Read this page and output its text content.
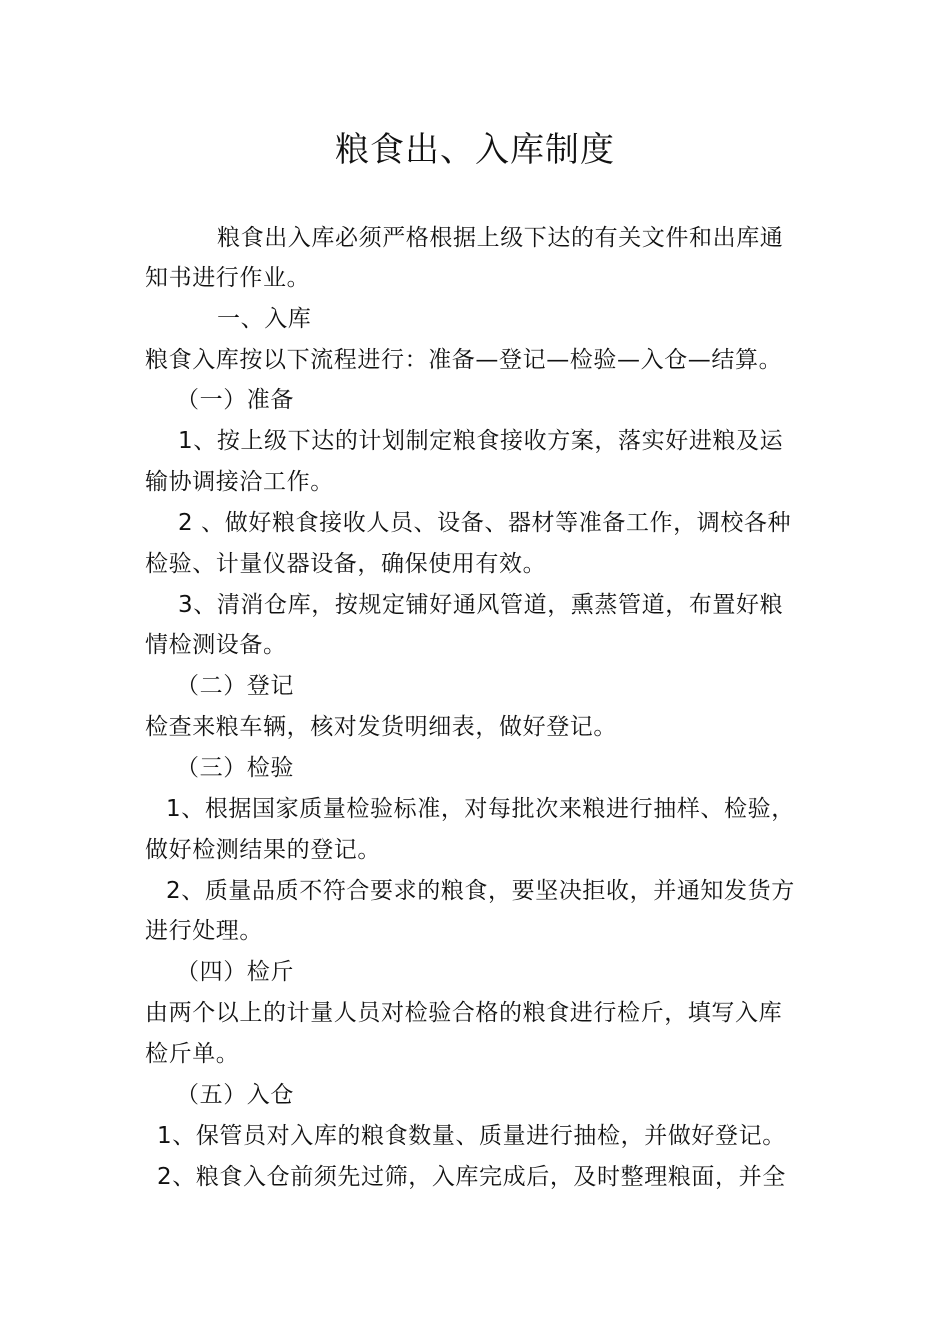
粮食出、入库制度
粮食出入库必须严格根据上级下达的有关文件和出库通
知书进行作业。
一、入库
粮食入库按以下流程进行：准备—登记—检验—入仓—结算。
（一）准备
1、按上级下达的计划制定粮食接收方案，落实好进粮及运
输协调接洽工作。
2 、做好粮食接收人员、设备、器材等准备工作，调校各种
检验、计量仪器设备，确保使用有效。
3、清消仓库，按规定铺好通风管道，熏蒸管道，布置好粮
情检测设备。
（二）登记
检查来粮车辆，核对发货明细表，做好登记。
（三）检验
1、根据国家质量检验标准，对每批次来粮进行抽样、检验，
做好检测结果的登记。
2、质量品质不符合要求的粮食，要坚决拒收，并通知发货方
进行处理。
（四）检斤
由两个以上的计量人员对检验合格的粮食进行检斤，填写入库
检斤单。
（五）入仓
1、保管员对入库的粮食数量、质量进行抽检，并做好登记。
2、粮食入仓前须先过筛，入库完成后，及时整理粮面，并全
